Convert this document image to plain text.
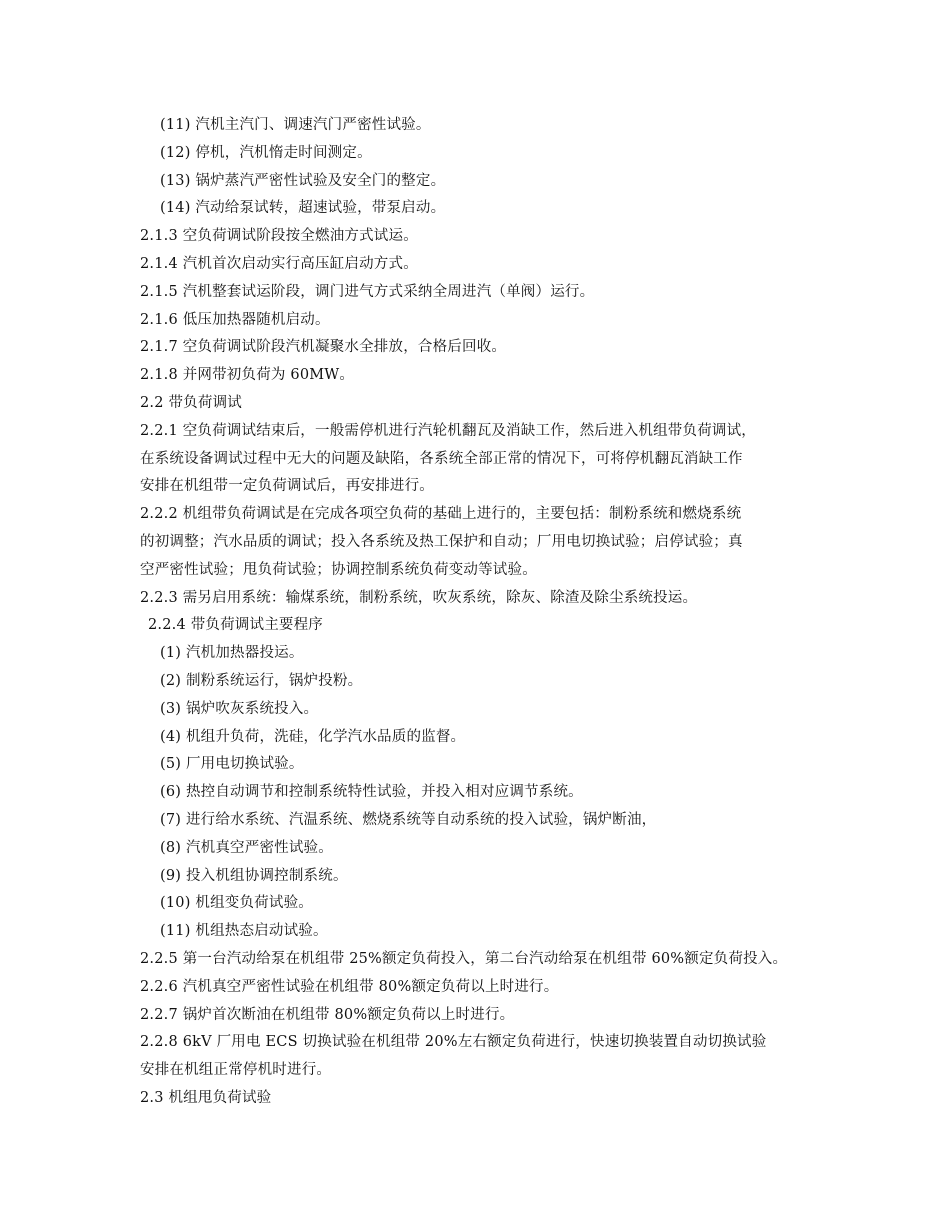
(11) 汽机主汽门、调速汽门严密性试验。
(12) 停机，汽机惰走时间测定。
(13) 锅炉蒸汽严密性试验及安全门的整定。
(14) 汽动给泵试转，超速试验，带泵启动。
2.1.3 空负荷调试阶段按全燃油方式试运。
2.1.4 汽机首次启动实行高压缸启动方式。
2.1.5 汽机整套试运阶段，调门进气方式采纳全周进汽（单阀）运行。
2.1.6 低压加热器随机启动。
2.1.7 空负荷调试阶段汽机凝聚水全排放，合格后回收。
2.1.8 并网带初负荷为 60MW。
2.2 带负荷调试
2.2.1 空负荷调试结束后，一般需停机进行汽轮机翻瓦及消缺工作，然后进入机组带负荷调试，
在系统设备调试过程中无大的问题及缺陷，各系统全部正常的情况下，可将停机翻瓦消缺工作
安排在机组带一定负荷调试后，再安排进行。
2.2.2 机组带负荷调试是在完成各项空负荷的基础上进行的，主要包括：制粉系统和燃烧系统
的初调整；汽水品质的调试；投入各系统及热工保护和自动；厂用电切换试验；启停试验；真
空严密性试验；甩负荷试验；协调控制系统负荷变动等试验。
2.2.3 需另启用系统：输煤系统，制粉系统，吹灰系统，除灰、除渣及除尘系统投运。
2.2.4 带负荷调试主要程序
(1) 汽机加热器投运。
(2) 制粉系统运行，锅炉投粉。
(3) 锅炉吹灰系统投入。
(4) 机组升负荷，洗硅，化学汽水品质的监督。
(5) 厂用电切换试验。
(6) 热控自动调节和控制系统特性试验，并投入相对应调节系统。
(7) 进行给水系统、汽温系统、燃烧系统等自动系统的投入试验，锅炉断油，
(8) 汽机真空严密性试验。
(9) 投入机组协调控制系统。
(10) 机组变负荷试验。
(11) 机组热态启动试验。
2.2.5 第一台汽动给泵在机组带 25%额定负荷投入，第二台汽动给泵在机组带 60%额定负荷投入。
2.2.6 汽机真空严密性试验在机组带 80%额定负荷以上时进行。
2.2.7 锅炉首次断油在机组带 80%额定负荷以上时进行。
2.2.8 6kV 厂用电 ECS 切换试验在机组带 20%左右额定负荷进行，快速切换装置自动切换试验
安排在机组正常停机时进行。
2.3 机组甩负荷试验
